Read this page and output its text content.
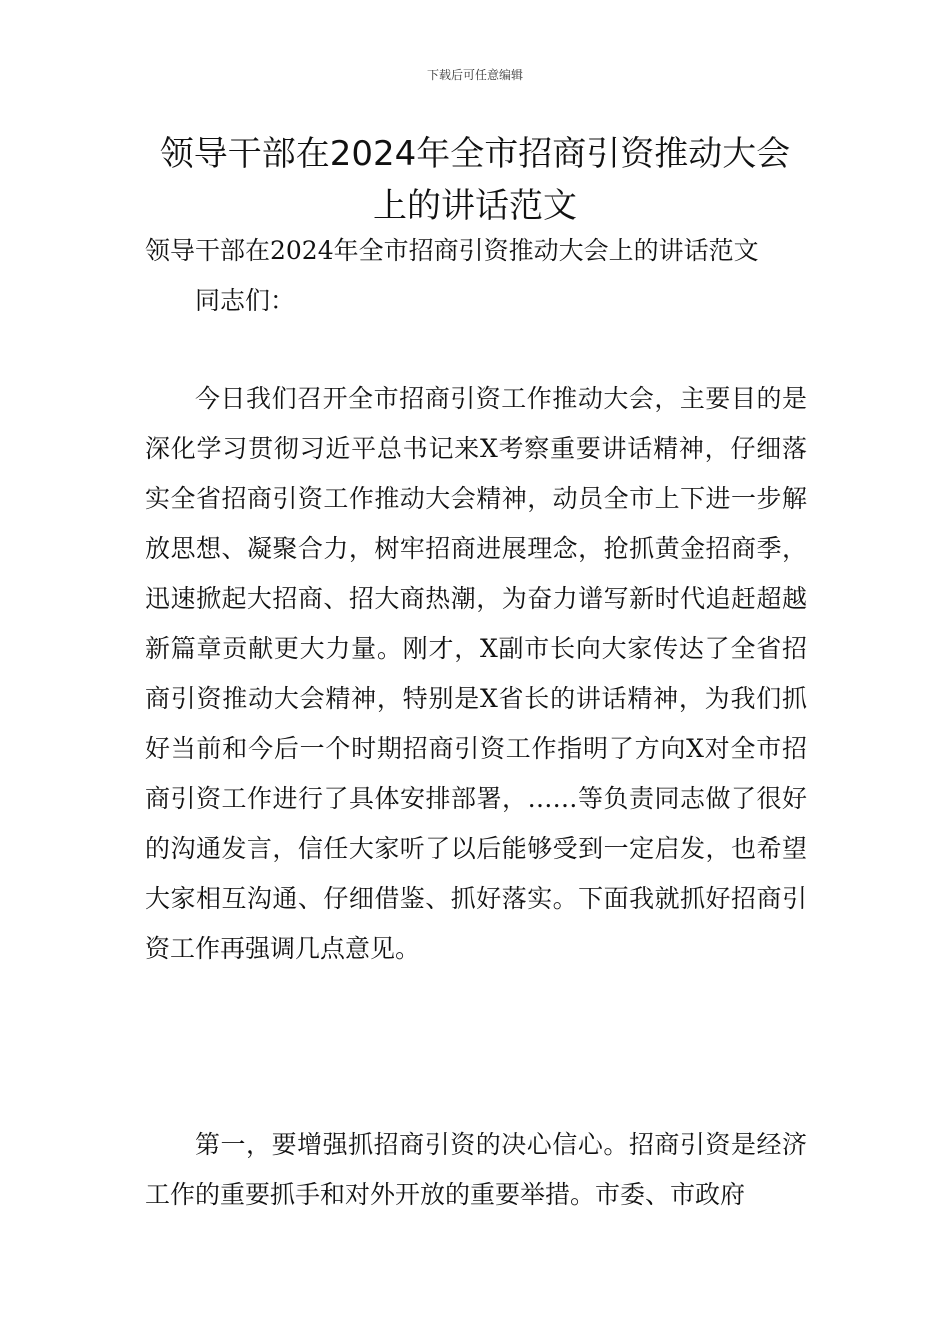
下载后可任意编辑
领导干部在2024年全市招商引资推动大会上的讲话范文

领导干部在2024年全市招商引资推动大会上的讲话范文

同志们：

今日我们召开全市招商引资工作推动大会，主要目的是深化学习贯彻习近平总书记来X考察重要讲话精神，仔细落实全省招商引资工作推动大会精神，动员全市上下进一步解放思想、凝聚合力，树牢招商进展理念，抢抓黄金招商季，迅速掀起大招商、招大商热潮，为奋力谱写新时代追赶超越新篇章贡献更大力量。刚才，X副市长向大家传达了全省招商引资推动大会精神，特别是X省长的讲话精神，为我们抓好当前和今后一个时期招商引资工作指明了方向X对全市招商引资工作进行了具体安排部署，……等负责同志做了很好的沟通发言，信任大家听了以后能够受到一定启发，也希望大家相互沟通、仔细借鉴、抓好落实。下面我就抓好招商引资工作再强调几点意见。

第一，要增强抓招商引资的决心信心。招商引资是经济工作的重要抓手和对外开放的重要举措。市委、市政府
